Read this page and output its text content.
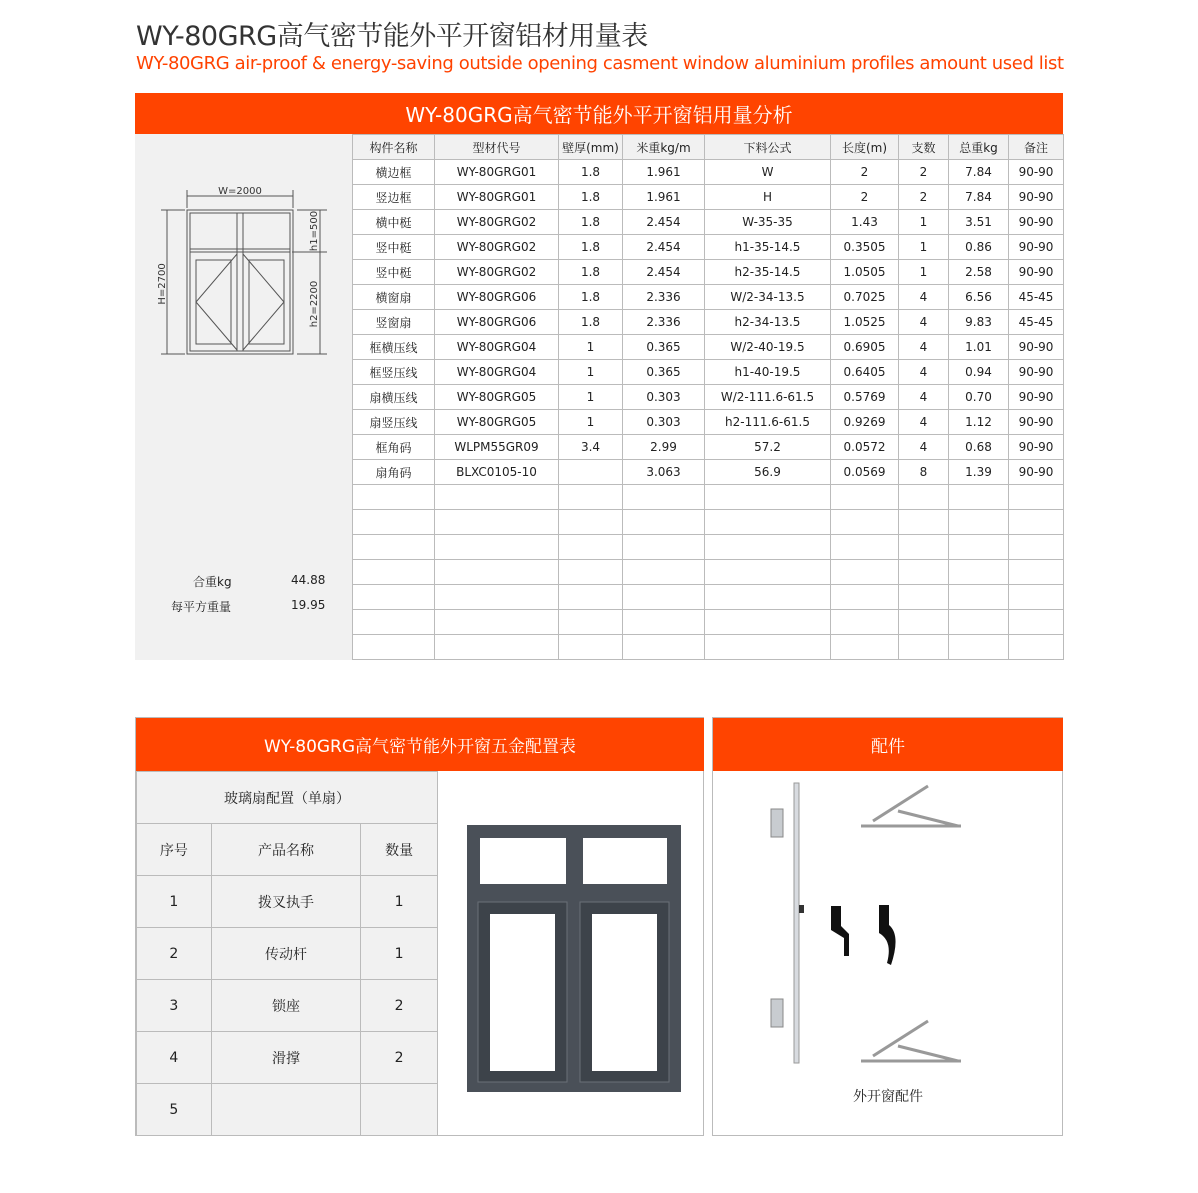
WY-80GRG高气密节能外平开窗铝材用量表
WY-80GRG air-proof & energy-saving outside opening casment window aluminium profiles amount used list
WY-80GRG高气密节能外平开窗铝用量分析
W=2000
H=2700
h1=500
h2=2200
合重kg	44.88
每平方重量	19.95
构件名称	型材代号	壁厚(mm)	米重kg/m	下料公式	长度(m)	支数	总重kg	备注
横边框	WY-80GRG01	1.8	1.961	W	2	2	7.84	90-90
竖边框	WY-80GRG01	1.8	1.961	H	2	2	7.84	90-90
横中梃	WY-80GRG02	1.8	2.454	W-35-35	1.43	1	3.51	90-90
竖中梃	WY-80GRG02	1.8	2.454	h1-35-14.5	0.3505	1	0.86	90-90
竖中梃	WY-80GRG02	1.8	2.454	h2-35-14.5	1.0505	1	2.58	90-90
横窗扇	WY-80GRG06	1.8	2.336	W/2-34-13.5	0.7025	4	6.56	45-45
竖窗扇	WY-80GRG06	1.8	2.336	h2-34-13.5	1.0525	4	9.83	45-45
框横压线	WY-80GRG04	1	0.365	W/2-40-19.5	0.6905	4	1.01	90-90
框竖压线	WY-80GRG04	1	0.365	h1-40-19.5	0.6405	4	0.94	90-90
扇横压线	WY-80GRG05	1	0.303	W/2-111.6-61.5	0.5769	4	0.70	90-90
扇竖压线	WY-80GRG05	1	0.303	h2-111.6-61.5	0.9269	4	1.12	90-90
框角码	WLPM55GR09	3.4	2.99	57.2	0.0572	4	0.68	90-90
扇角码	BLXC0105-10		3.063	56.9	0.0569	8	1.39	90-90

WY-80GRG高气密节能外开窗五金配置表
玻璃扇配置（单扇）		
序号	产品名称	数量
1	拨叉执手	1
2	传动杆	1
3	锁座	2
4	滑撑	2
5		
配件
外开窗配件
